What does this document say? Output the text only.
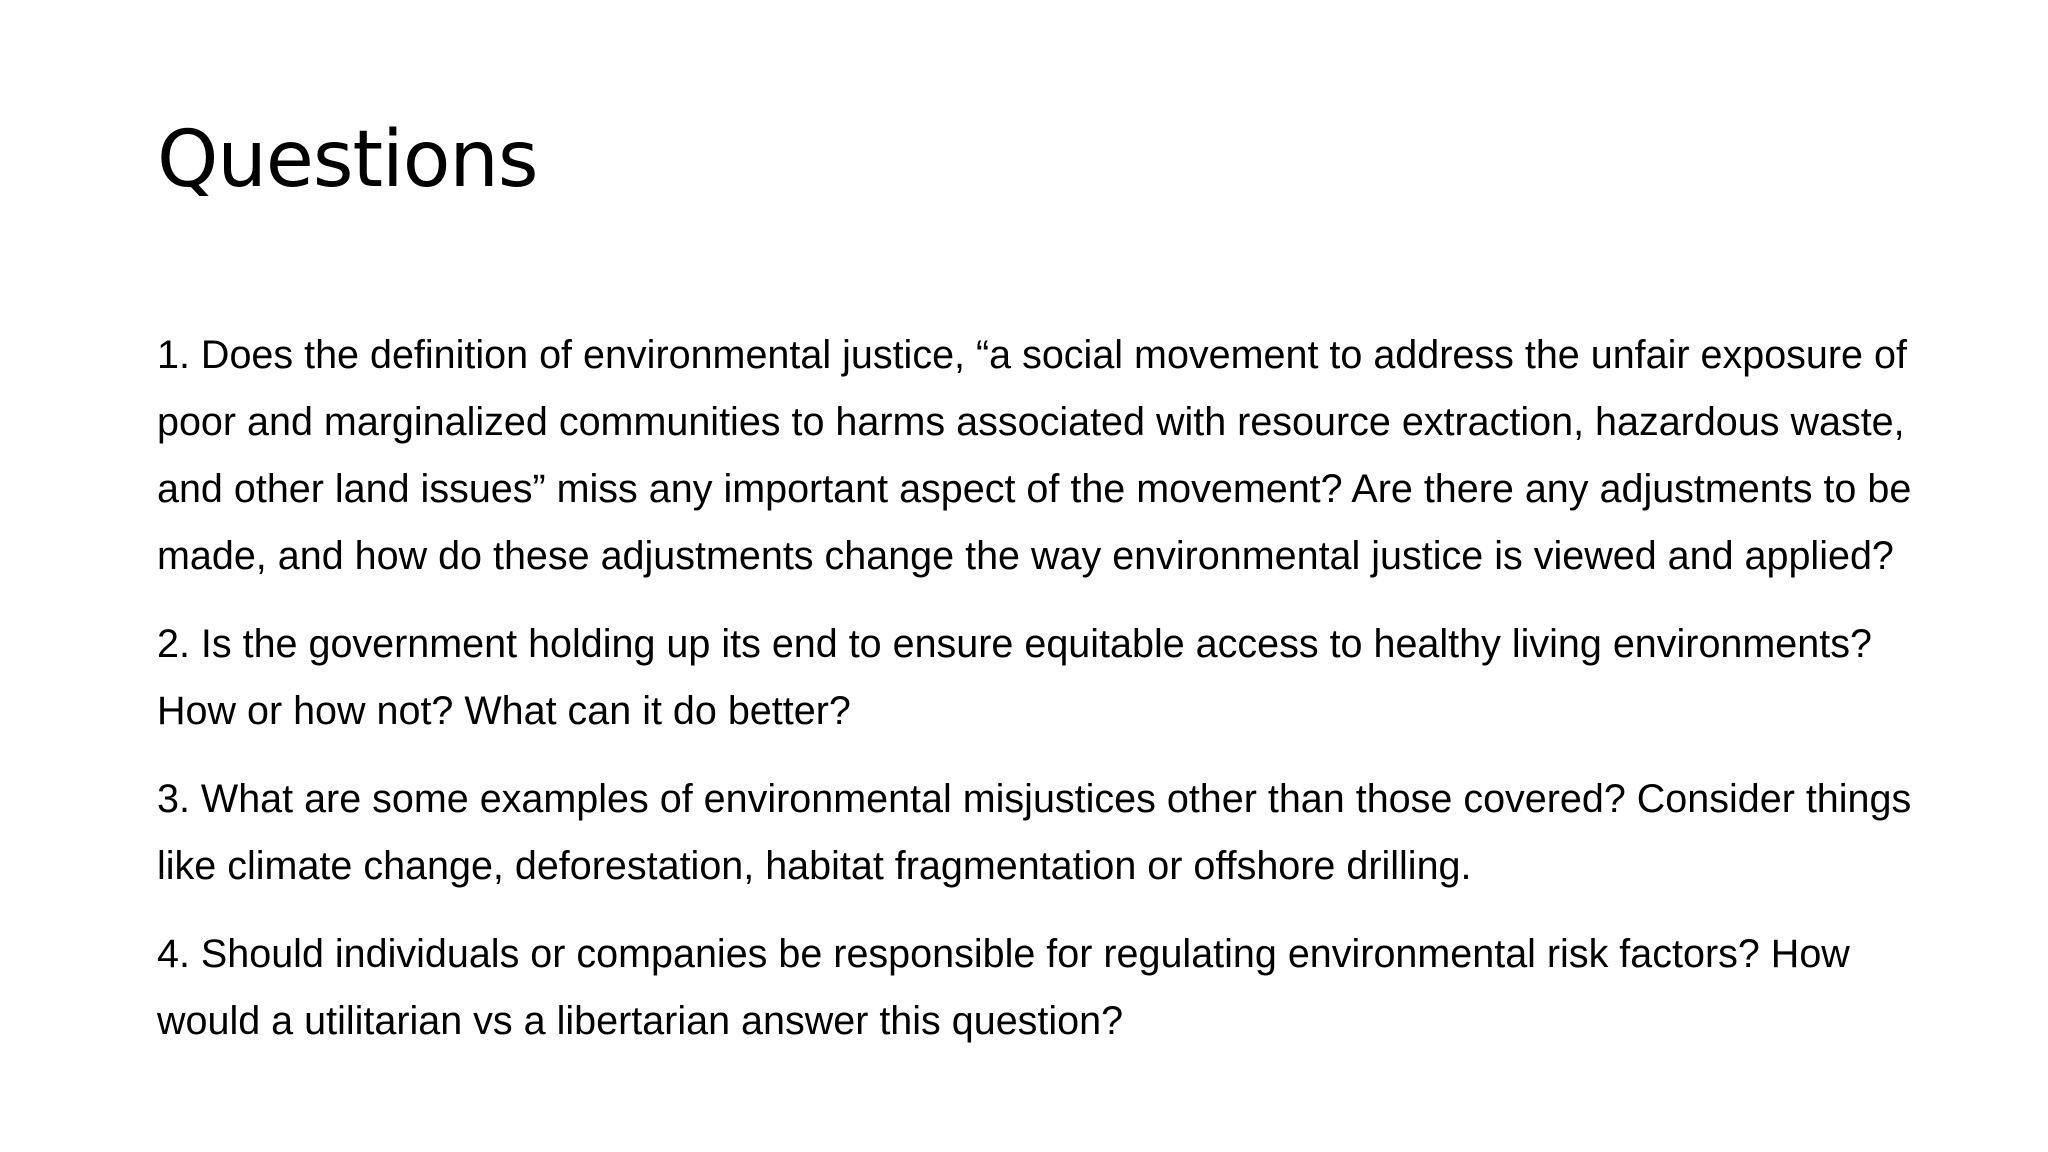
Questions
1. Does the definition of environmental justice, “a social movement to address the unfair exposure of poor and marginalized communities to harms associated with resource extraction, hazardous waste, and other land issues” miss any important aspect of the movement? Are there any adjustments to be made, and how do these adjustments change the way environmental justice is viewed and applied?
2. Is the government holding up its end to ensure equitable access to healthy living environments? How or how not? What can it do better?
3. What are some examples of environmental misjustices other than those covered? Consider things like climate change, deforestation, habitat fragmentation or offshore drilling.
4. Should individuals or companies be responsible for regulating environmental risk factors? How would a utilitarian vs a libertarian answer this question?
